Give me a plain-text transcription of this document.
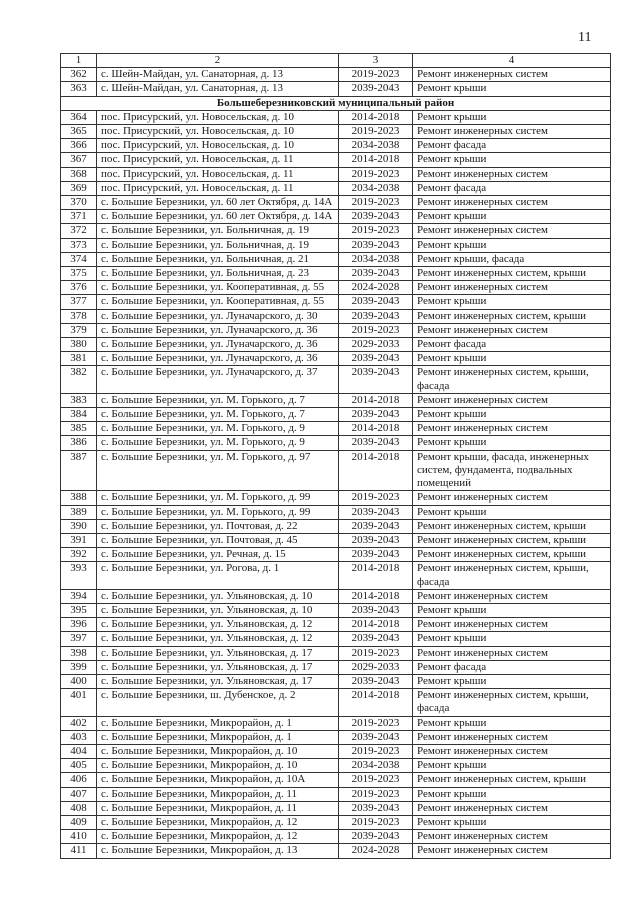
11
1	2	3	4
362	с. Шейн-Майдан, ул. Санаторная, д. 13	2019-2023	Ремонт инженерных систем
363	с. Шейн-Майдан, ул. Санаторная, д. 13	2039-2043	Ремонт крыши
Большеберезниковский муниципальный район			
364	пос. Присурский, ул. Новосельская, д. 10	2014-2018	Ремонт крыши
365	пос. Присурский, ул. Новосельская, д. 10	2019-2023	Ремонт инженерных систем
366	пос. Присурский, ул. Новосельская, д. 10	2034-2038	Ремонт фасада
367	пос. Присурский, ул. Новосельская, д. 11	2014-2018	Ремонт крыши
368	пос. Присурский, ул. Новосельская, д. 11	2019-2023	Ремонт инженерных систем
369	пос. Присурский, ул. Новосельская, д. 11	2034-2038	Ремонт фасада
370	с. Большие Березники, ул. 60 лет Октября, д. 14А	2019-2023	Ремонт инженерных систем
371	с. Большие Березники, ул. 60 лет Октября, д. 14А	2039-2043	Ремонт крыши
372	с. Большие Березники, ул. Больничная, д. 19	2019-2023	Ремонт инженерных систем
373	с. Большие Березники, ул. Больничная, д. 19	2039-2043	Ремонт крыши
374	с. Большие Березники, ул. Больничная, д. 21	2034-2038	Ремонт крыши, фасада
375	с. Большие Березники, ул. Больничная, д. 23	2039-2043	Ремонт инженерных систем, крыши
376	с. Большие Березники, ул. Кооперативная, д. 55	2024-2028	Ремонт инженерных систем
377	с. Большие Березники, ул. Кооперативная, д. 55	2039-2043	Ремонт крыши
378	с. Большие Березники, ул. Луначарского, д. 30	2039-2043	Ремонт инженерных систем, крыши
379	с. Большие Березники, ул. Луначарского, д. 36	2019-2023	Ремонт инженерных систем
380	с. Большие Березники, ул. Луначарского, д. 36	2029-2033	Ремонт фасада
381	с. Большие Березники, ул. Луначарского, д. 36	2039-2043	Ремонт крыши
382	с. Большие Березники, ул. Луначарского, д. 37	2039-2043	Ремонт инженерных систем, крыши, фасада
383	с. Большие Березники, ул. М. Горького, д. 7	2014-2018	Ремонт инженерных систем
384	с. Большие Березники, ул. М. Горького, д. 7	2039-2043	Ремонт крыши
385	с. Большие Березники, ул. М. Горького, д. 9	2014-2018	Ремонт инженерных систем
386	с. Большие Березники, ул. М. Горького, д. 9	2039-2043	Ремонт крыши
387	с. Большие Березники, ул. М. Горького, д. 97	2014-2018	Ремонт крыши, фасада, инженерных систем, фундамента, подвальных помещений
388	с. Большие Березники, ул. М. Горького, д. 99	2019-2023	Ремонт инженерных систем
389	с. Большие Березники, ул. М. Горького, д. 99	2039-2043	Ремонт крыши
390	с. Большие Березники, ул. Почтовая, д. 22	2039-2043	Ремонт инженерных систем, крыши
391	с. Большие Березники, ул. Почтовая, д. 45	2039-2043	Ремонт инженерных систем, крыши
392	с. Большие Березники, ул. Речная, д. 15	2039-2043	Ремонт инженерных систем, крыши
393	с. Большие Березники, ул. Рогова, д. 1	2014-2018	Ремонт инженерных систем, крыши, фасада
394	с. Большие Березники, ул. Ульяновская, д. 10	2014-2018	Ремонт инженерных систем
395	с. Большие Березники, ул. Ульяновская, д. 10	2039-2043	Ремонт крыши
396	с. Большие Березники, ул. Ульяновская, д. 12	2014-2018	Ремонт инженерных систем
397	с. Большие Березники, ул. Ульяновская, д. 12	2039-2043	Ремонт крыши
398	с. Большие Березники, ул. Ульяновская, д. 17	2019-2023	Ремонт инженерных систем
399	с. Большие Березники, ул. Ульяновская, д. 17	2029-2033	Ремонт фасада
400	с. Большие Березники, ул. Ульяновская, д. 17	2039-2043	Ремонт крыши
401	с. Большие Березники, ш. Дубенское, д. 2	2014-2018	Ремонт инженерных систем, крыши, фасада
402	с. Большие Березники, Микрорайон, д. 1	2019-2023	Ремонт крыши
403	с. Большие Березники, Микрорайон, д. 1	2039-2043	Ремонт инженерных систем
404	с. Большие Березники, Микрорайон, д. 10	2019-2023	Ремонт инженерных систем
405	с. Большие Березники, Микрорайон, д. 10	2034-2038	Ремонт крыши
406	с. Большие Березники, Микрорайон, д. 10А	2019-2023	Ремонт инженерных систем, крыши
407	с. Большие Березники, Микрорайон, д. 11	2019-2023	Ремонт крыши
408	с. Большие Березники, Микрорайон, д. 11	2039-2043	Ремонт инженерных систем
409	с. Большие Березники, Микрорайон, д. 12	2019-2023	Ремонт крыши
410	с. Большие Березники, Микрорайон, д. 12	2039-2043	Ремонт инженерных систем
411	с. Большие Березники, Микрорайон, д. 13	2024-2028	Ремонт инженерных систем
